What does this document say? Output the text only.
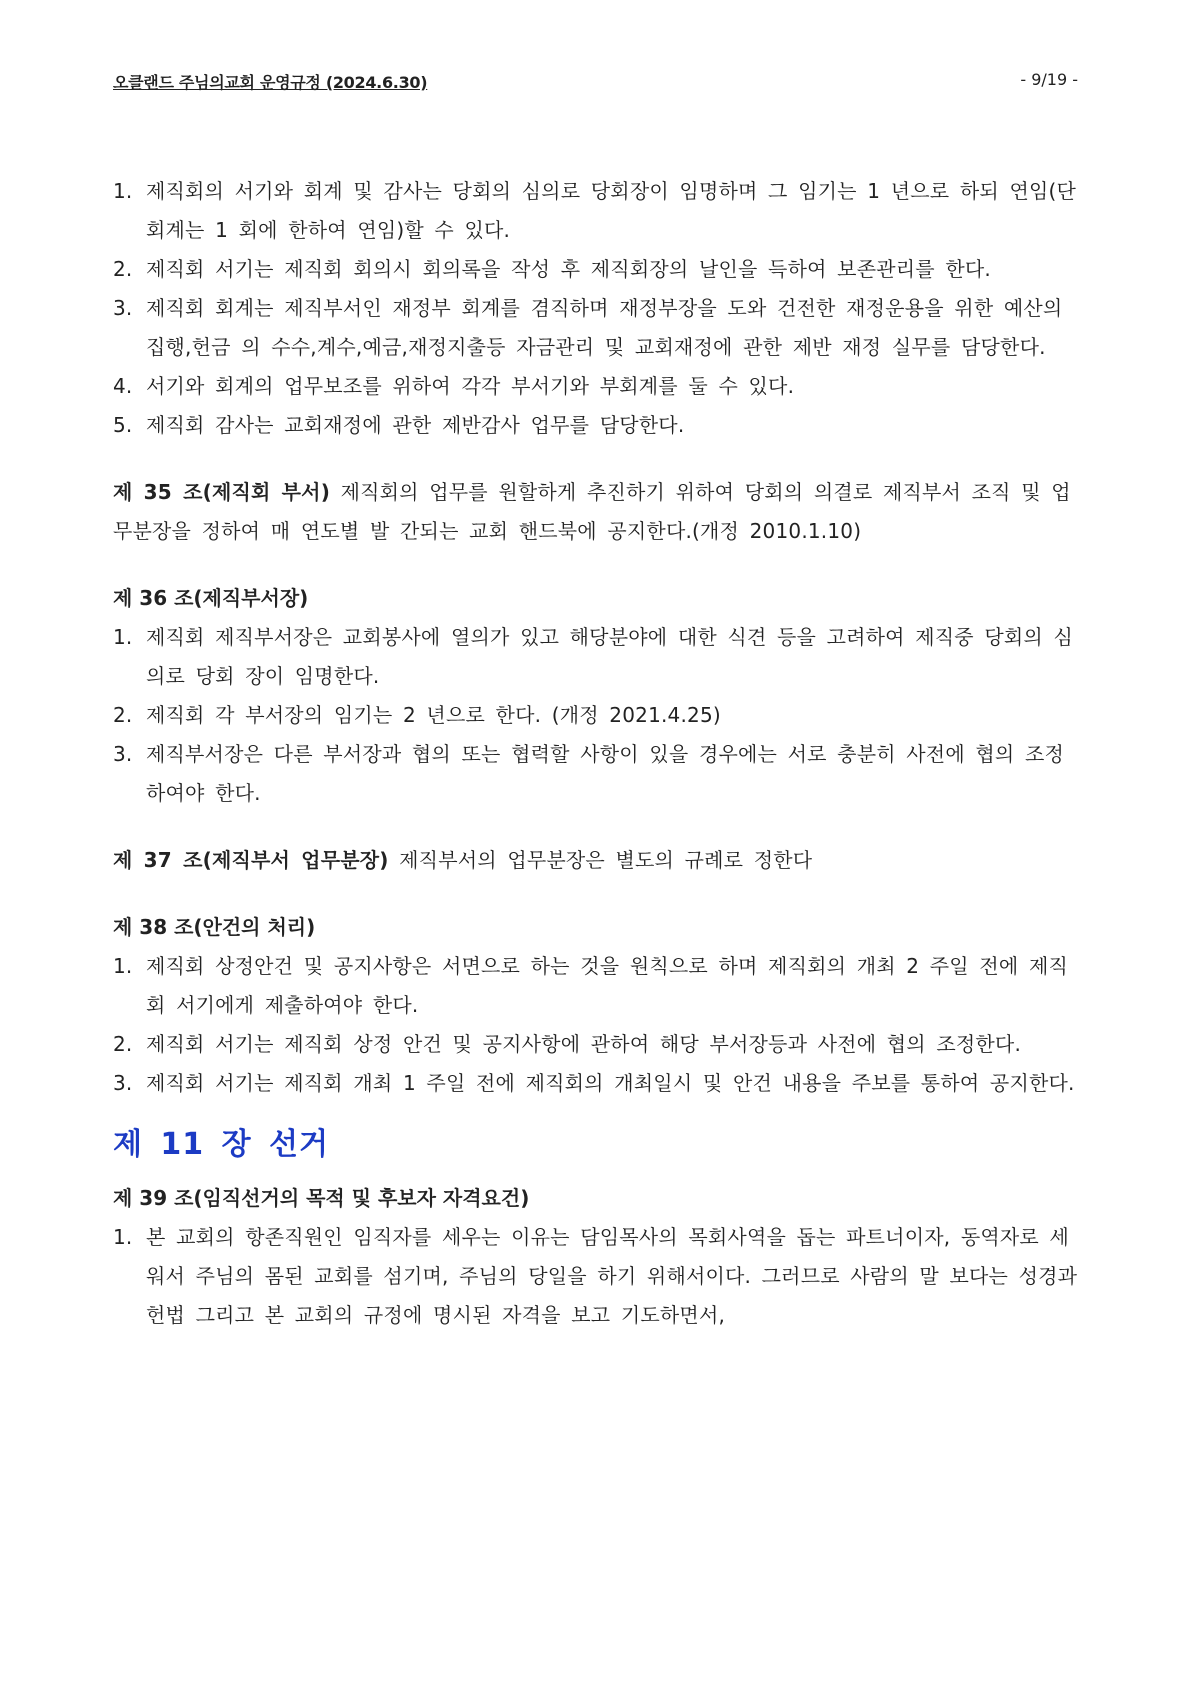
오클랜드 주님의교회 운영규정 (2024.6.30)	- 9/19 -
1. 제직회의 서기와 회계 및 감사는 당회의 심의로 당회장이 임명하며 그 임기는 1 년으로 하되 연임(단 회계는 1 회에 한하여 연임)할 수 있다.
2. 제직회 서기는 제직회 회의시 회의록을 작성 후 제직회장의 날인을 득하여 보존관리를 한다.
3. 제직회 회계는 제직부서인 재정부 회계를 겸직하며 재정부장을 도와 건전한 재정운용을 위한 예산의 집행,헌금 의 수수,계수,예금,재정지출등 자금관리 및 교회재정에 관한 제반 재정 실무를 담당한다.
4. 서기와 회계의 업무보조를 위하여 각각 부서기와 부회계를 둘 수 있다.
5. 제직회 감사는 교회재정에 관한 제반감사 업무를 담당한다.
제 35 조(제직회 부서) 제직회의 업무를 원할하게 추진하기 위하여 당회의 의결로 제직부서 조직 및 업무분장을 정하여 매 연도별 발 간되는 교회 핸드북에 공지한다.(개정 2010.1.10)
제 36 조(제직부서장)
1. 제직회 제직부서장은 교회봉사에 열의가 있고 해당분야에 대한 식견 등을 고려하여 제직중 당회의 심의로 당회 장이 임명한다.
2. 제직회 각 부서장의 임기는 2 년으로 한다. (개정 2021.4.25)
3. 제직부서장은 다른 부서장과 협의 또는 협력할 사항이 있을 경우에는 서로 충분히 사전에 협의 조정하여야 한다.
제 37 조(제직부서 업무분장) 제직부서의 업무분장은 별도의 규례로 정한다
제 38 조(안건의 처리)
1. 제직회 상정안건 및 공지사항은 서면으로 하는 것을 원칙으로 하며 제직회의 개최 2 주일 전에 제직회 서기에게 제출하여야 한다.
2. 제직회 서기는 제직회 상정 안건 및 공지사항에 관하여 해당 부서장등과 사전에 협의 조정한다.
3. 제직회 서기는 제직회 개최 1 주일 전에 제직회의 개최일시 및 안건 내용을 주보를 통하여 공지한다.
제 11 장 선거
제 39 조(임직선거의 목적 및 후보자 자격요건)
1. 본 교회의 항존직원인 임직자를 세우는 이유는 담임목사의 목회사역을 돕는 파트너이자, 동역자로 세워서 주님의 몸된 교회를 섬기며, 주님의 당일을 하기 위해서이다. 그러므로 사람의 말 보다는 성경과 헌법 그리고 본 교회의 규정에 명시된 자격을 보고 기도하면서,
